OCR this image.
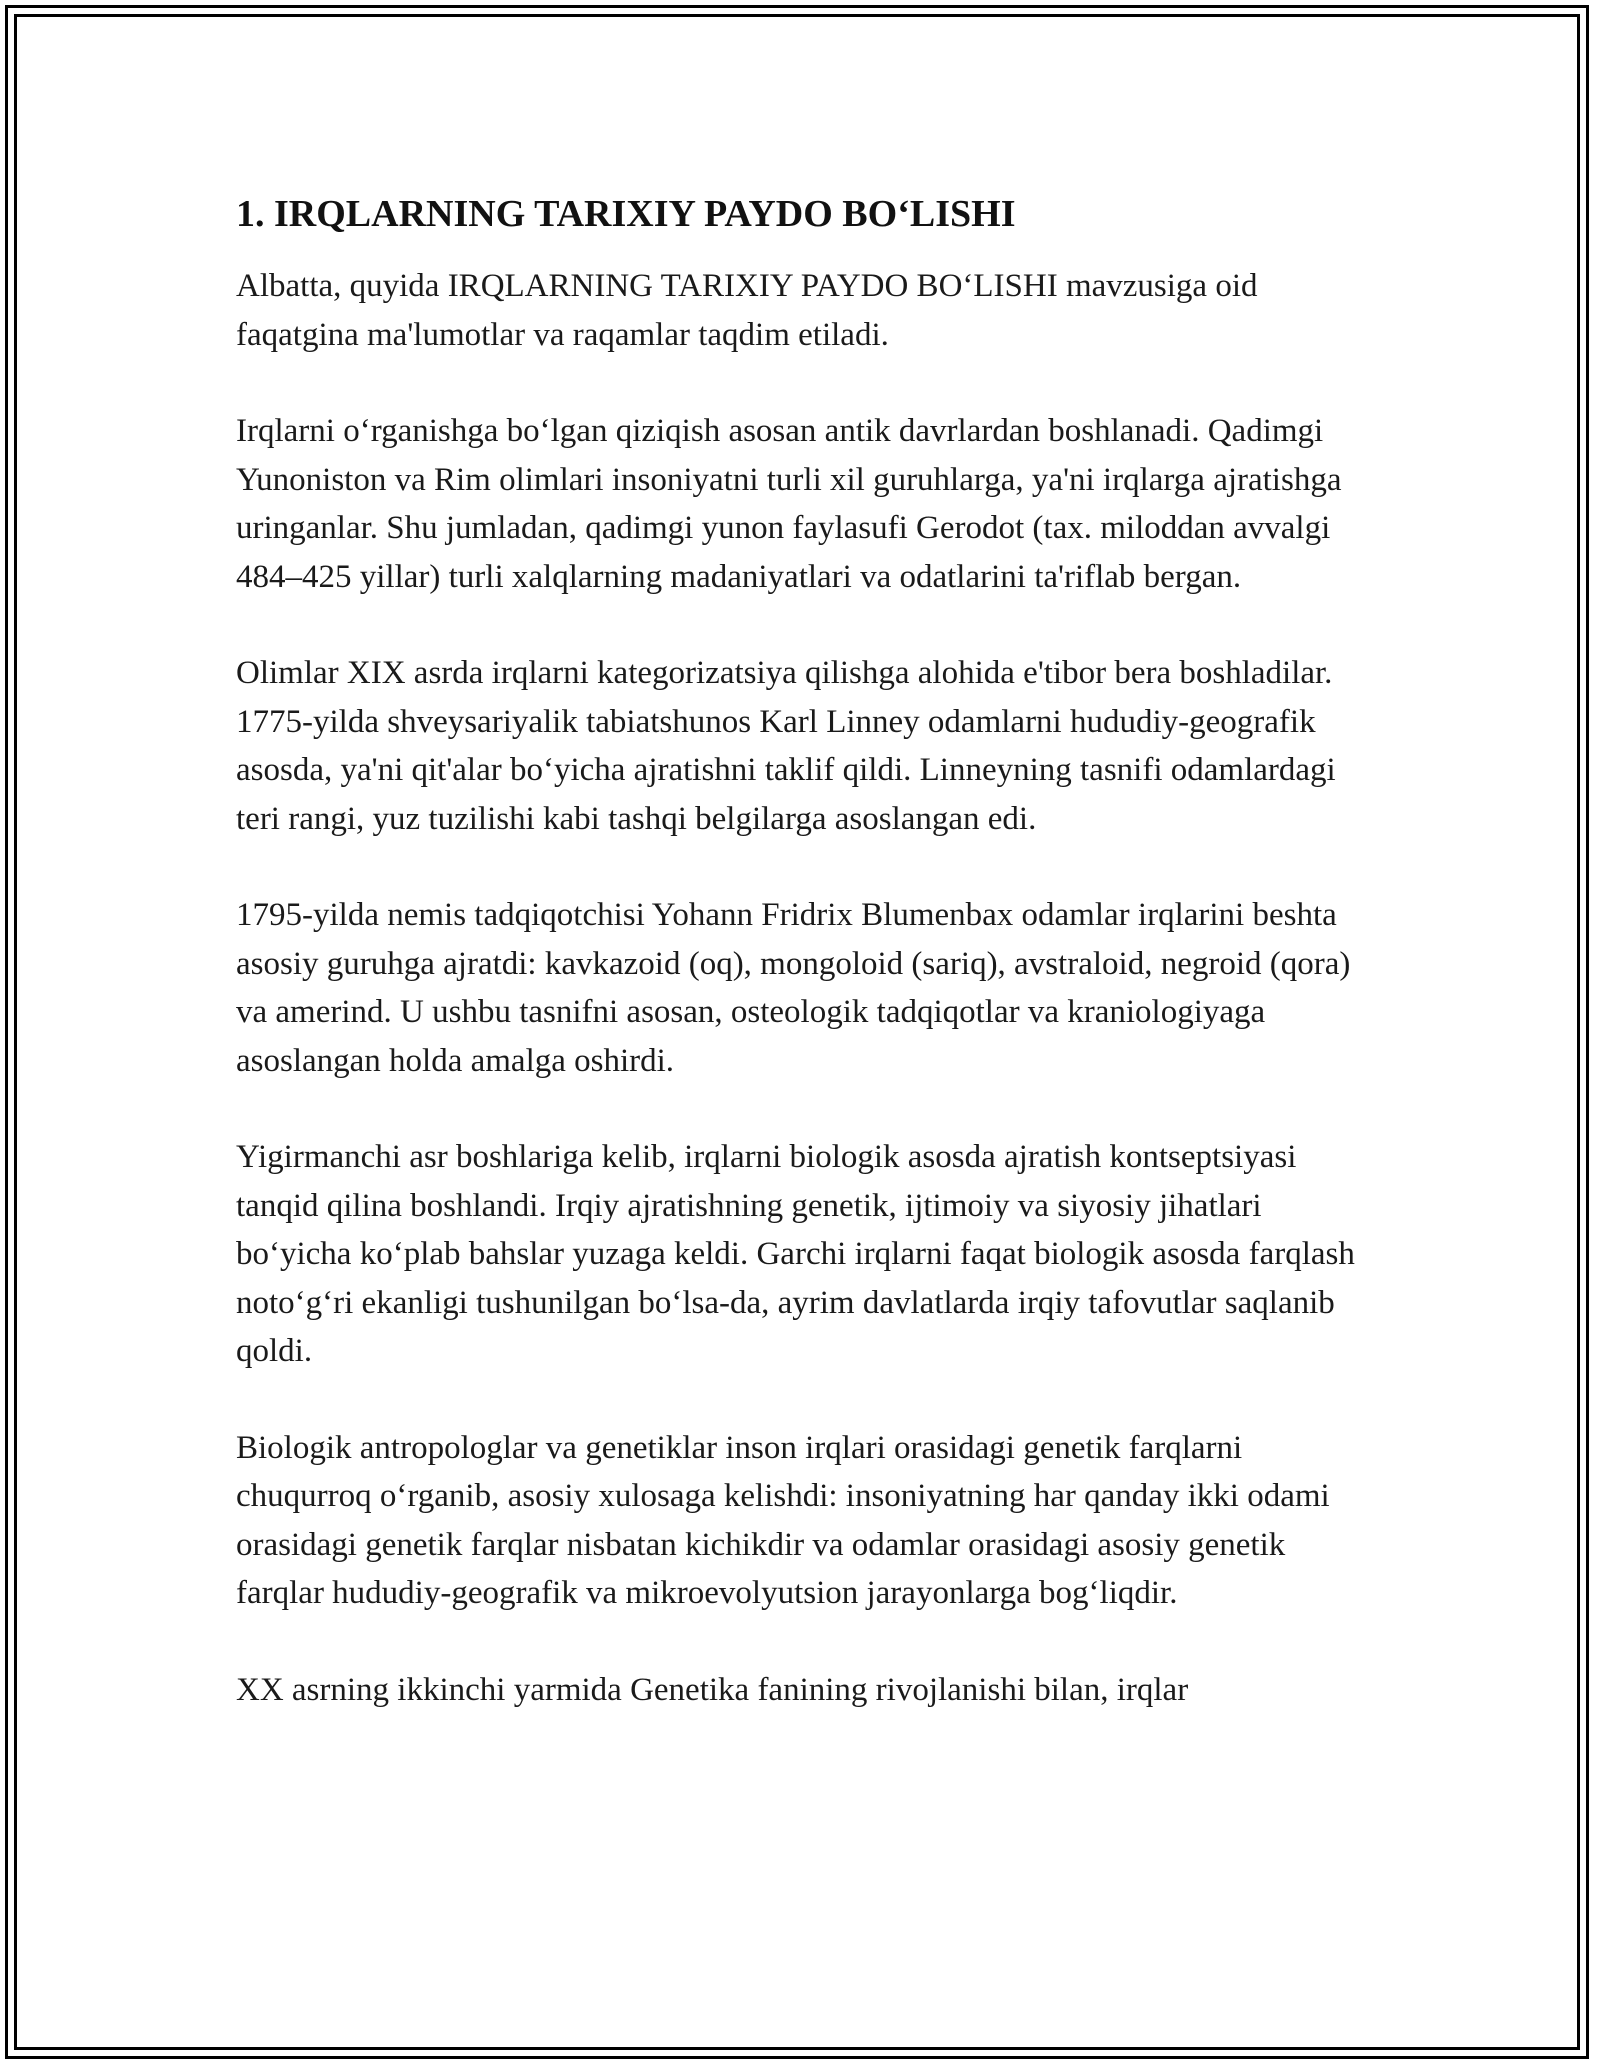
1. IRQLARNING TARIXIY PAYDO BO‘LISHI

Albatta, quyida IRQLARNING TARIXIY PAYDO BO‘LISHI mavzusiga oid faqatgina ma'lumotlar va raqamlar taqdim etiladi.

Irqlarni o‘rganishga bo‘lgan qiziqish asosan antik davrlardan boshlanadi. Qadimgi Yunoniston va Rim olimlari insoniyatni turli xil guruhlarga, ya'ni irqlarga ajratishga uringanlar. Shu jumladan, qadimgi yunon faylasufi Gerodot (tax. miloddan avvalgi 484–425 yillar) turli xalqlarning madaniyatlari va odatlarini ta'riflab bergan.

Olimlar XIX asrda irqlarni kategorizatsiya qilishga alohida e'tibor bera boshladilar. 1775-yilda shveysariyalik tabiatshunos Karl Linney odamlarni hududiy-geografik asosda, ya'ni qit'alar bo‘yicha ajratishni taklif qildi. Linneyning tasnifi odamlardagi teri rangi, yuz tuzilishi kabi tashqi belgilarga asoslangan edi.

1795-yilda nemis tadqiqotchisi Yohann Fridrix Blumenbax odamlar irqlarini beshta asosiy guruhga ajratdi: kavkazoid (oq), mongoloid (sariq), avstraloid, negroid (qora) va amerind. U ushbu tasnifni asosan, osteologik tadqiqotlar va kraniologiyaga asoslangan holda amalga oshirdi.

Yigirmanchi asr boshlariga kelib, irqlarni biologik asosda ajratish kontseptsiyasi tanqid qilina boshlandi. Irqiy ajratishning genetik, ijtimoiy va siyosiy jihatlari bo‘yicha ko‘plab bahslar yuzaga keldi. Garchi irqlarni faqat biologik asosda farqlash noto‘g‘ri ekanligi tushunilgan bo‘lsa-da, ayrim davlatlarda irqiy tafovutlar saqlanib qoldi.

Biologik antropologlar va genetiklar inson irqlari orasidagi genetik farqlarni chuqurroq o‘rganib, asosiy xulosaga kelishdi: insoniyatning har qanday ikki odami orasidagi genetik farqlar nisbatan kichikdir va odamlar orasidagi asosiy genetik farqlar hududiy-geografik va mikroevolyutsion jarayonlarga bog‘liqdir.

XX asrning ikkinchi yarmida Genetika fanining rivojlanishi bilan, irqlar
